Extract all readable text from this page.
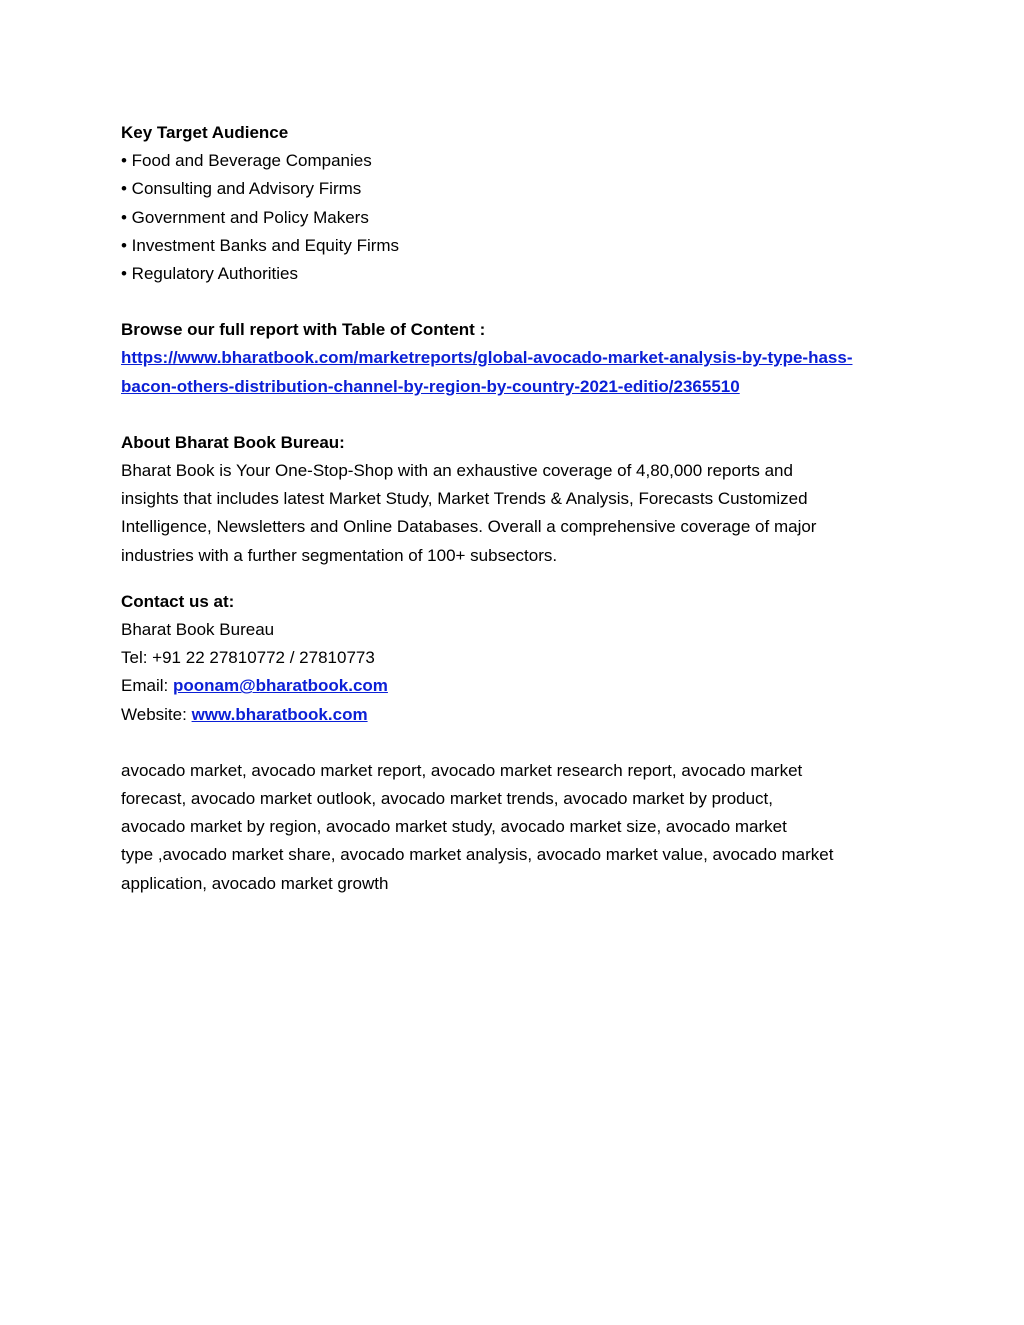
Key Target Audience
• Food and Beverage Companies
• Consulting and Advisory Firms
• Government and Policy Makers
• Investment Banks and Equity Firms
• Regulatory Authorities
Browse our full report with Table of Content :
https://www.bharatbook.com/marketreports/global-avocado-market-analysis-by-type-hass-
bacon-others-distribution-channel-by-region-by-country-2021-editio/2365510
About Bharat Book Bureau:
Bharat Book is Your One-Stop-Shop with an exhaustive coverage of 4,80,000 reports and
insights that includes latest Market Study, Market Trends & Analysis, Forecasts Customized
Intelligence, Newsletters and Online Databases. Overall a comprehensive coverage of major
industries with a further segmentation of 100+ subsectors.
Contact us at:
Bharat Book Bureau
Tel: +91 22 27810772 / 27810773
Email: poonam@bharatbook.com
Website: www.bharatbook.com
avocado market, avocado market report, avocado market research report, avocado market
forecast, avocado market outlook, avocado market trends, avocado market by product,
avocado market by region, avocado market study, avocado market size, avocado market
type ,avocado market share, avocado market analysis, avocado market value, avocado market
application, avocado market growth
